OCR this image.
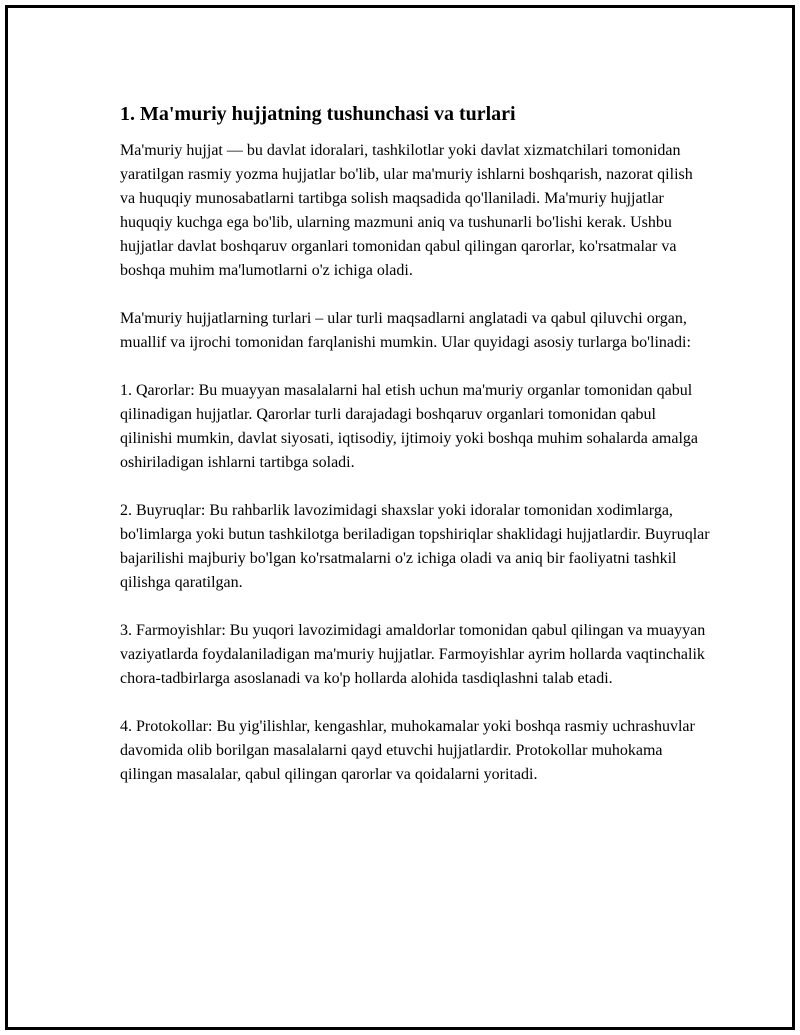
1. Ma'muriy hujjatning tushunchasi va turlari

Ma'muriy hujjat — bu davlat idoralari, tashkilotlar yoki davlat xizmatchilari tomonidan yaratilgan rasmiy yozma hujjatlar bo'lib, ular ma'muriy ishlarni boshqarish, nazorat qilish va huquqiy munosabatlarni tartibga solish maqsadida qo'llaniladi. Ma'muriy hujjatlar huquqiy kuchga ega bo'lib, ularning mazmuni aniq va tushunarli bo'lishi kerak. Ushbu hujjatlar davlat boshqaruv organlari tomonidan qabul qilingan qarorlar, ko'rsatmalar va boshqa muhim ma'lumotlarni o'z ichiga oladi.

Ma'muriy hujjatlarning turlari – ular turli maqsadlarni anglatadi va qabul qiluvchi organ, muallif va ijrochi tomonidan farqlanishi mumkin. Ular quyidagi asosiy turlarga bo'linadi:

1. Qarorlar: Bu muayyan masalalarni hal etish uchun ma'muriy organlar tomonidan qabul qilinadigan hujjatlar. Qarorlar turli darajadagi boshqaruv organlari tomonidan qabul qilinishi mumkin, davlat siyosati, iqtisodiy, ijtimoiy yoki boshqa muhim sohalarda amalga oshiriladigan ishlarni tartibga soladi.

2. Buyruqlar: Bu rahbarlik lavozimidagi shaxslar yoki idoralar tomonidan xodimlarga, bo'limlarga yoki butun tashkilotga beriladigan topshiriqlar shaklidagi hujjatlardir. Buyruqlar bajarilishi majburiy bo'lgan ko'rsatmalarni o'z ichiga oladi va aniq bir faoliyatni tashkil qilishga qaratilgan.

3. Farmoyishlar: Bu yuqori lavozimidagi amaldorlar tomonidan qabul qilingan va muayyan vaziyatlarda foydalaniladigan ma'muriy hujjatlar. Farmoyishlar ayrim hollarda vaqtinchalik chora-tadbirlarga asoslanadi va ko'p hollarda alohida tasdiqlashni talab etadi.

4. Protokollar: Bu yig'ilishlar, kengashlar, muhokamalar yoki boshqa rasmiy uchrashuvlar davomida olib borilgan masalalarni qayd etuvchi hujjatlardir. Protokollar muhokama qilingan masalalar, qabul qilingan qarorlar va qoidalarni yoritadi.
